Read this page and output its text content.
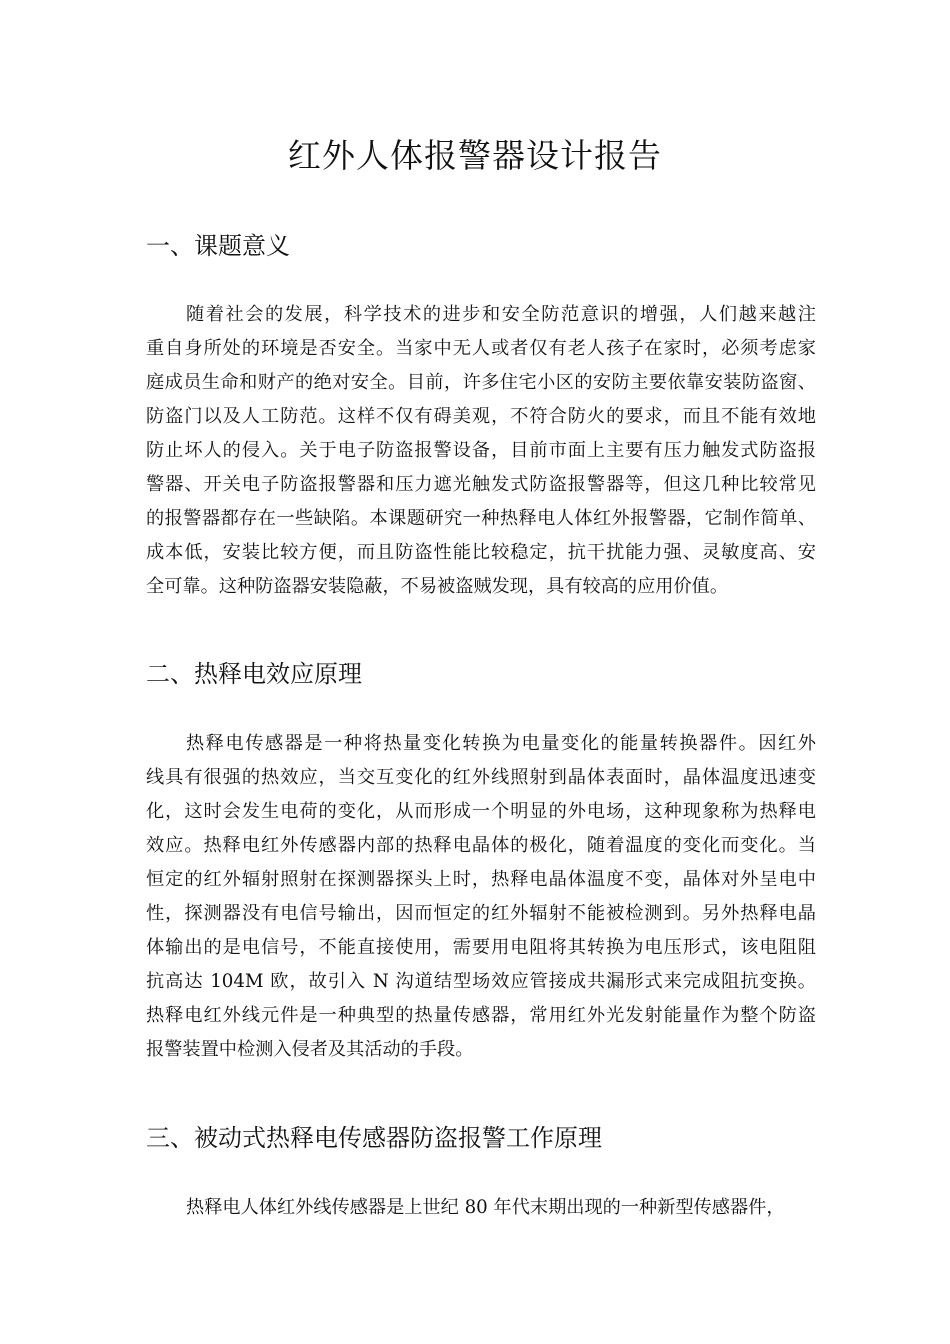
红外人体报警器设计报告
一、课题意义
随着社会的发展，科学技术的进步和安全防范意识的增强，人们越来越注
重自身所处的环境是否安全。当家中无人或者仅有老人孩子在家时，必须考虑家
庭成员生命和财产的绝对安全。目前，许多住宅小区的安防主要依靠安装防盗窗、
防盗门以及人工防范。这样不仅有碍美观，不符合防火的要求，而且不能有效地
防止坏人的侵入。关于电子防盗报警设备，目前市面上主要有压力触发式防盗报
警器、开关电子防盗报警器和压力遮光触发式防盗报警器等，但这几种比较常见
的报警器都存在一些缺陷。本课题研究一种热释电人体红外报警器，它制作简单、
成本低，安装比较方便，而且防盗性能比较稳定，抗干扰能力强、灵敏度高、安
全可靠。这种防盗器安装隐蔽，不易被盗贼发现，具有较高的应用价值。
二、热释电效应原理
热释电传感器是一种将热量变化转换为电量变化的能量转换器件。因红外
线具有很强的热效应，当交互变化的红外线照射到晶体表面时，晶体温度迅速变
化，这时会发生电荷的变化，从而形成一个明显的外电场，这种现象称为热释电
效应。热释电红外传感器内部的热释电晶体的极化，随着温度的变化而变化。当
恒定的红外辐射照射在探测器探头上时，热释电晶体温度不变，晶体对外呈电中
性，探测器没有电信号输出，因而恒定的红外辐射不能被检测到。另外热释电晶
体输出的是电信号，不能直接使用，需要用电阻将其转换为电压形式，该电阻阻
抗高达 104M 欧，故引入 N 沟道结型场效应管接成共漏形式来完成阻抗变换。
热释电红外线元件是一种典型的热量传感器，常用红外光发射能量作为整个防盗
报警装置中检测入侵者及其活动的手段。
三、被动式热释电传感器防盗报警工作原理
热释电人体红外线传感器是上世纪 80 年代末期出现的一种新型传感器件，
